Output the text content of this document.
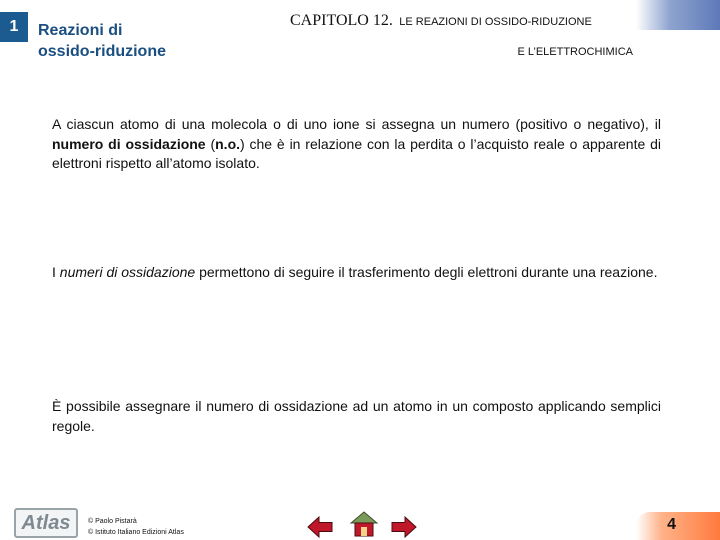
1 Reazioni di
ossido-riduzione
CAPITOLO 12. LE REAZIONI DI OSSIDO-RIDUZIONE
E L’ELETTROCHIMICA
A ciascun atomo di una molecola o di uno ione si assegna un numero (positivo o negativo), il numero di ossidazione (n.o.) che è in relazione con la perdita o l’acquisto reale o apparente di elettroni rispetto all’atomo isolato.
I numeri di ossidazione permettono di seguire il trasferimento degli elettroni durante una reazione.
È possibile assegnare il numero di ossidazione ad un atomo in un composto applicando semplici regole.
Atlas	© Paolo Pistarà
© Istituto Italiano Edizioni Atlas	4
